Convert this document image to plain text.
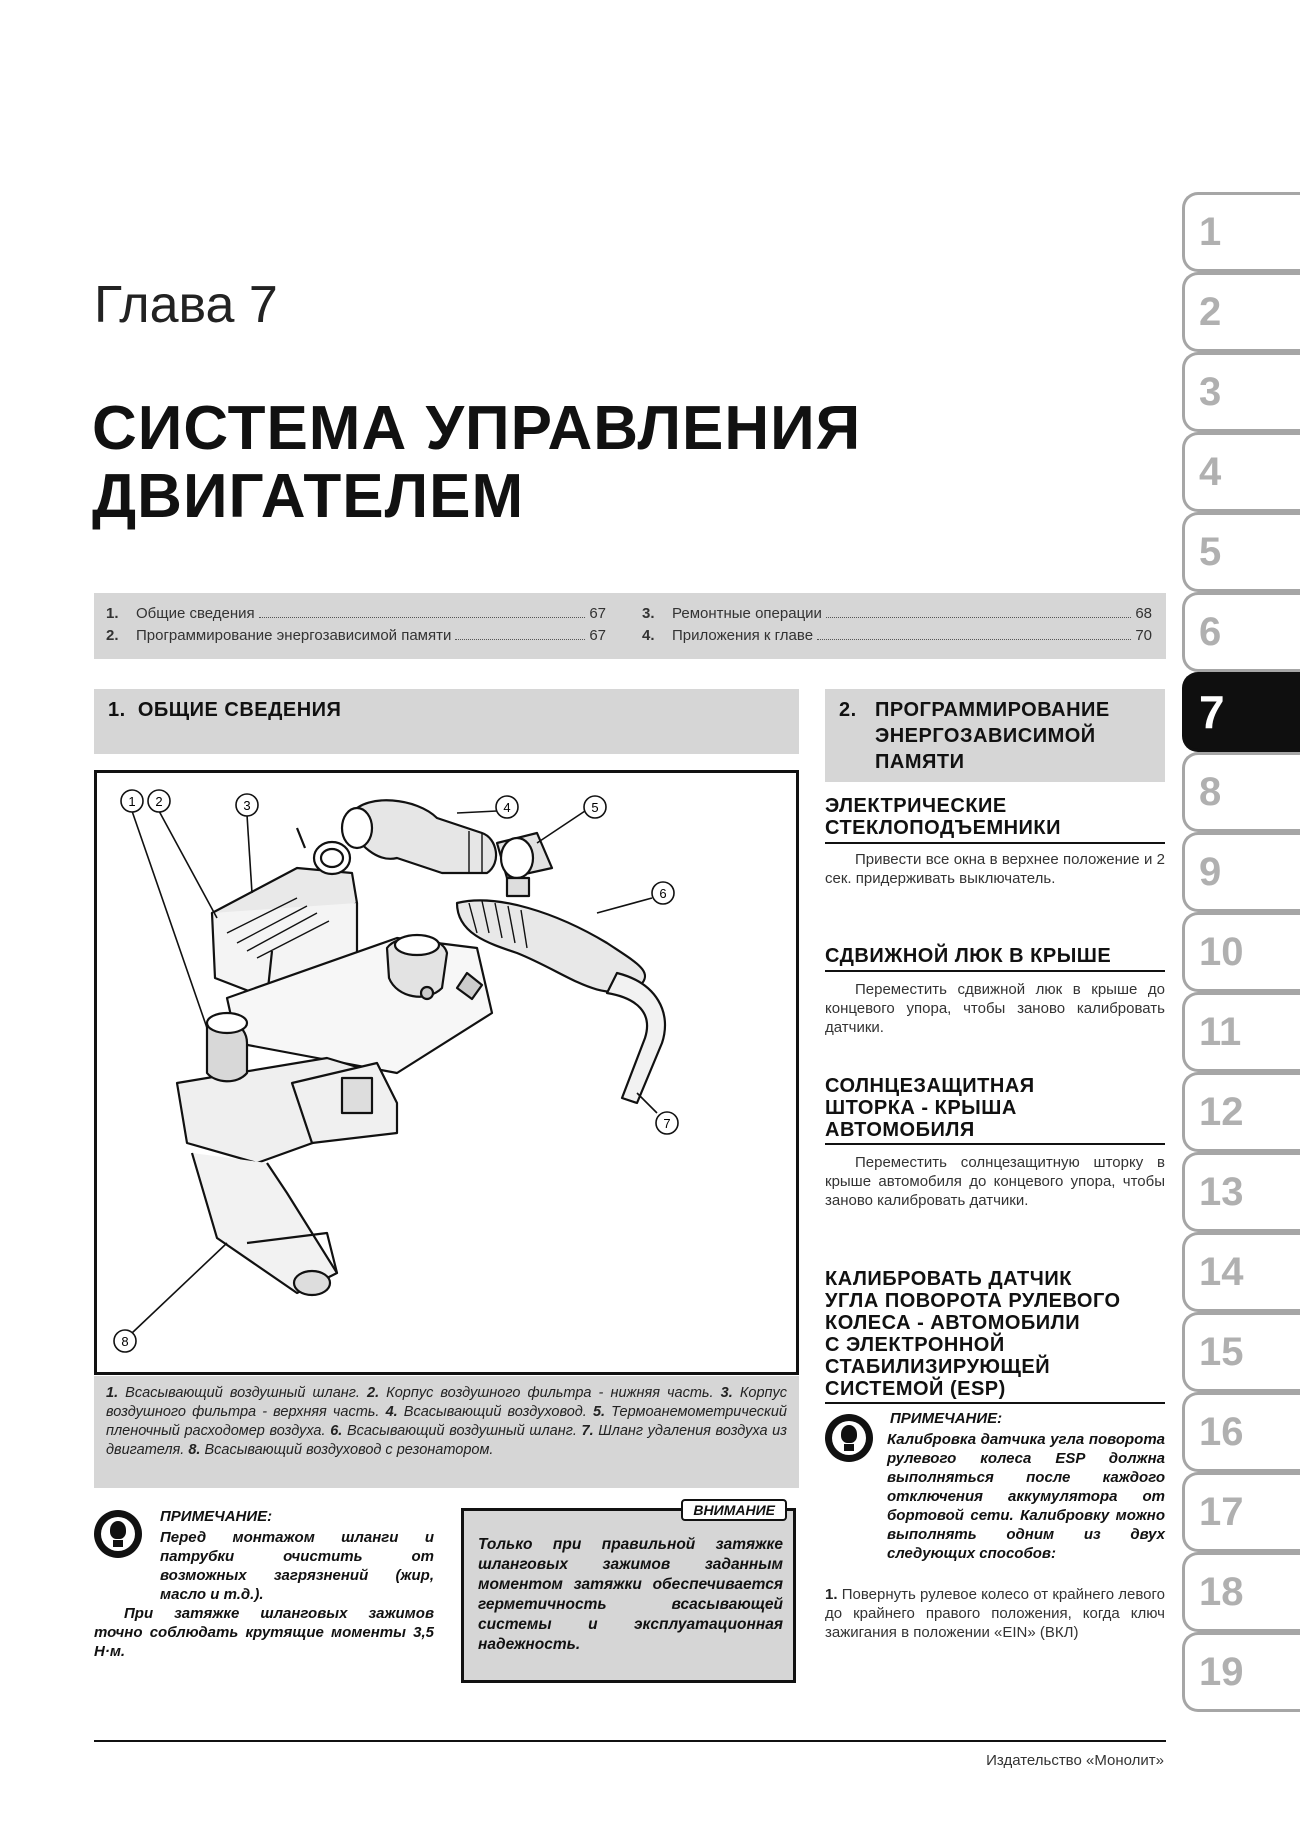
1
2
3
4
5
6
7
8
9
10
11
12
13
14
15
16
17
18
19
Глава 7
СИСТЕМА УПРАВЛЕНИЯ
ДВИГАТЕЛЕМ
1.	Общие сведения	67
2.	Программирование энергозависимой памяти	67
3.	Ремонтные операции	68
4.	Приложения к главе	70
1. ОБЩИЕ СВЕДЕНИЯ
1 2	3	4	5
6
7
8
1. Всасывающий воздушный шланг. 2. Корпус воздушного фильтра - нижняя часть. 3. Корпус воздушного фильтра - верхняя часть. 4. Всасывающий воздуховод. 5. Термоанемометрический пленочный расходомер воздуха. 6. Всасывающий воздушный шланг. 7. Шланг удаления воздуха из двигателя. 8. Всасывающий воздуховод с резонатором.
ПРИМЕЧАНИЕ:
Перед монтажом шланги и патрубки очистить от возможных загрязнений (жир, масло и т.д.).
При затяжке шланговых зажимов точно соблюдать крутящие моменты 3,5 Н·м.
ВНИМАНИЕ
Только при правильной затяжке шланговых зажимов заданным моментом затяжки обеспечивается герметичность всасывающей системы и эксплуатационная надежность.
2. ПРОГРАММИРОВАНИЕ
ЭНЕРГОЗАВИСИМОЙ
ПАМЯТИ
ЭЛЕКТРИЧЕСКИЕ
СТЕКЛОПОДЪЕМНИКИ
Привести все окна в верхнее положение и 2 сек. придерживать выключатель.
СДВИЖНОЙ ЛЮК В КРЫШЕ
Переместить сдвижной люк в крыше до концевого упора, чтобы заново калибровать датчики.
СОЛНЦЕЗАЩИТНАЯ
ШТОРКА - КРЫША
АВТОМОБИЛЯ
Переместить солнцезащитную шторку в крыше автомобиля до концевого упора, чтобы заново калибровать датчики.
КАЛИБРОВАТЬ ДАТЧИК
УГЛА ПОВОРОТА РУЛЕВОГО
КОЛЕСА - АВТОМОБИЛИ
С ЭЛЕКТРОННОЙ
СТАБИЛИЗИРУЮЩЕЙ
СИСТЕМОЙ (ESP)
ПРИМЕЧАНИЕ:
Калибровка датчика угла поворота рулевого колеса ESP должна выполняться после каждого отключения аккумулятора от бортовой сети. Калибровку можно выполнять одним из двух следующих способов:
1. Повернуть рулевое колесо от крайнего левого до крайнего правого положения, когда ключ зажигания в положении «EIN» (ВКЛ)
Издательство «Монолит»
